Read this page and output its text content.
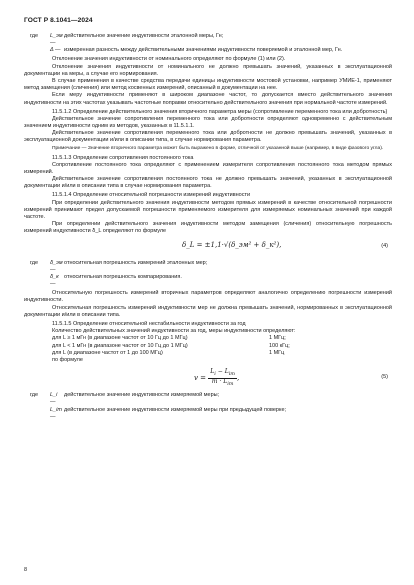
ГОСТ Р 8.1041—2024
где	L_эм —
действительное значение индуктивности эталонной меры, Гн;
Δ — измеренная разность между действительными значениями индуктивности поверяемой и эталонной мер, Гн.

Отклонение значения индуктивности от номинального определяют по формуле (1) или (2).

Отклонение значения индуктивности от номинального не должно превышать значений, указанных в эксплуатационной документации на меры, а случае его нормирования.

В случае применения в качестве средства передачи единицы индуктивности мостовой установки, например УМИЕ-1, применяют метод замещения (сличения) или метод косвенных измерений, описанный в документации на нее.

Если меру индуктивности применяют в широком диапазоне частот, то допускается вместо действительного значения индуктивности на этих частотах указывать частотные поправки относительно действительного значения при нормальной частоте измерений.

11.5.1.2 Определение действительного значения вторичного параметра меры (сопротивление переменного тока или добротность)

Действительное значение сопротивления переменного тока или добротности определяют одновременно с действительным значением индуктивности одним из методов, указанных в 11.5.1.1.

Действительное значение сопротивления переменного тока или добротности не должно превышать значений, указанных в эксплуатационной документации и/или в описании типа, в случае нормирования параметра.

Примечание — Значение вторичного параметра может быть выражено в форме, отличной от указанной выше (например, в виде фазового угла).

11.5.1.3 Определение сопротивления постоянного тока

Сопротивление постоянного тока определяют с применением измерителя сопротивления постоянного тока методом прямых измерений.

Действительное значение сопротивления постоянного тока не должно превышать значений, указанных в эксплуатационной документации и/или в описании типа в случае нормирования параметра.

11.5.1.4 Определение относительной погрешности измерений индуктивности

При определении действительного значения индуктивности методом прямых измерений в качестве относительной погрешности измерений принимают предел допускаемой погрешности применяемого измерителя для измеряемых номинальных значений при каждой частоте.

При определении действительного значения индуктивности методом замещения (сличения) относительную погрешность измерений индуктивности δ_L определяют по формуле

δ_L = ±1,1·√(δ_эм² + δ_к²),	(4)
где	δ_эм —
относительная погрешность измерений эталонных мер;
δ_к —
относительная погрешность компарирования.

Относительную погрешность измерений вторичных параметров определяют аналогично определению погрешности измерений индуктивности.

Относительная погрешность измерений индуктивности мер не должна превышать значений, нормированных в эксплуатационной документации и/или в описании типа.

11.5.1.5 Определение относительной нестабильности индуктивности за год

Количество действительных значений индуктивности за год, меры индуктивности определяют:

для L ≥ 1 мГн (в диапазоне частот от 10 Гц до 1 МГц)	1 МГц;
для L < 1 мГн (в диапазоне частот от 10 Гц до 1 МГц)	100 кГц;
для L (в диапазоне частот от 1 до 100 МГц)	1 МГц

по формуле

$v = \frac{L_i - L_{im}}{m \cdot L_{im}}$ ,	(5)
где	L_i —
действительное значение индуктивности измеряемой меры;
L_im —
действительное значение индуктивности измеряемой меры при предыдущей поверке;
8
